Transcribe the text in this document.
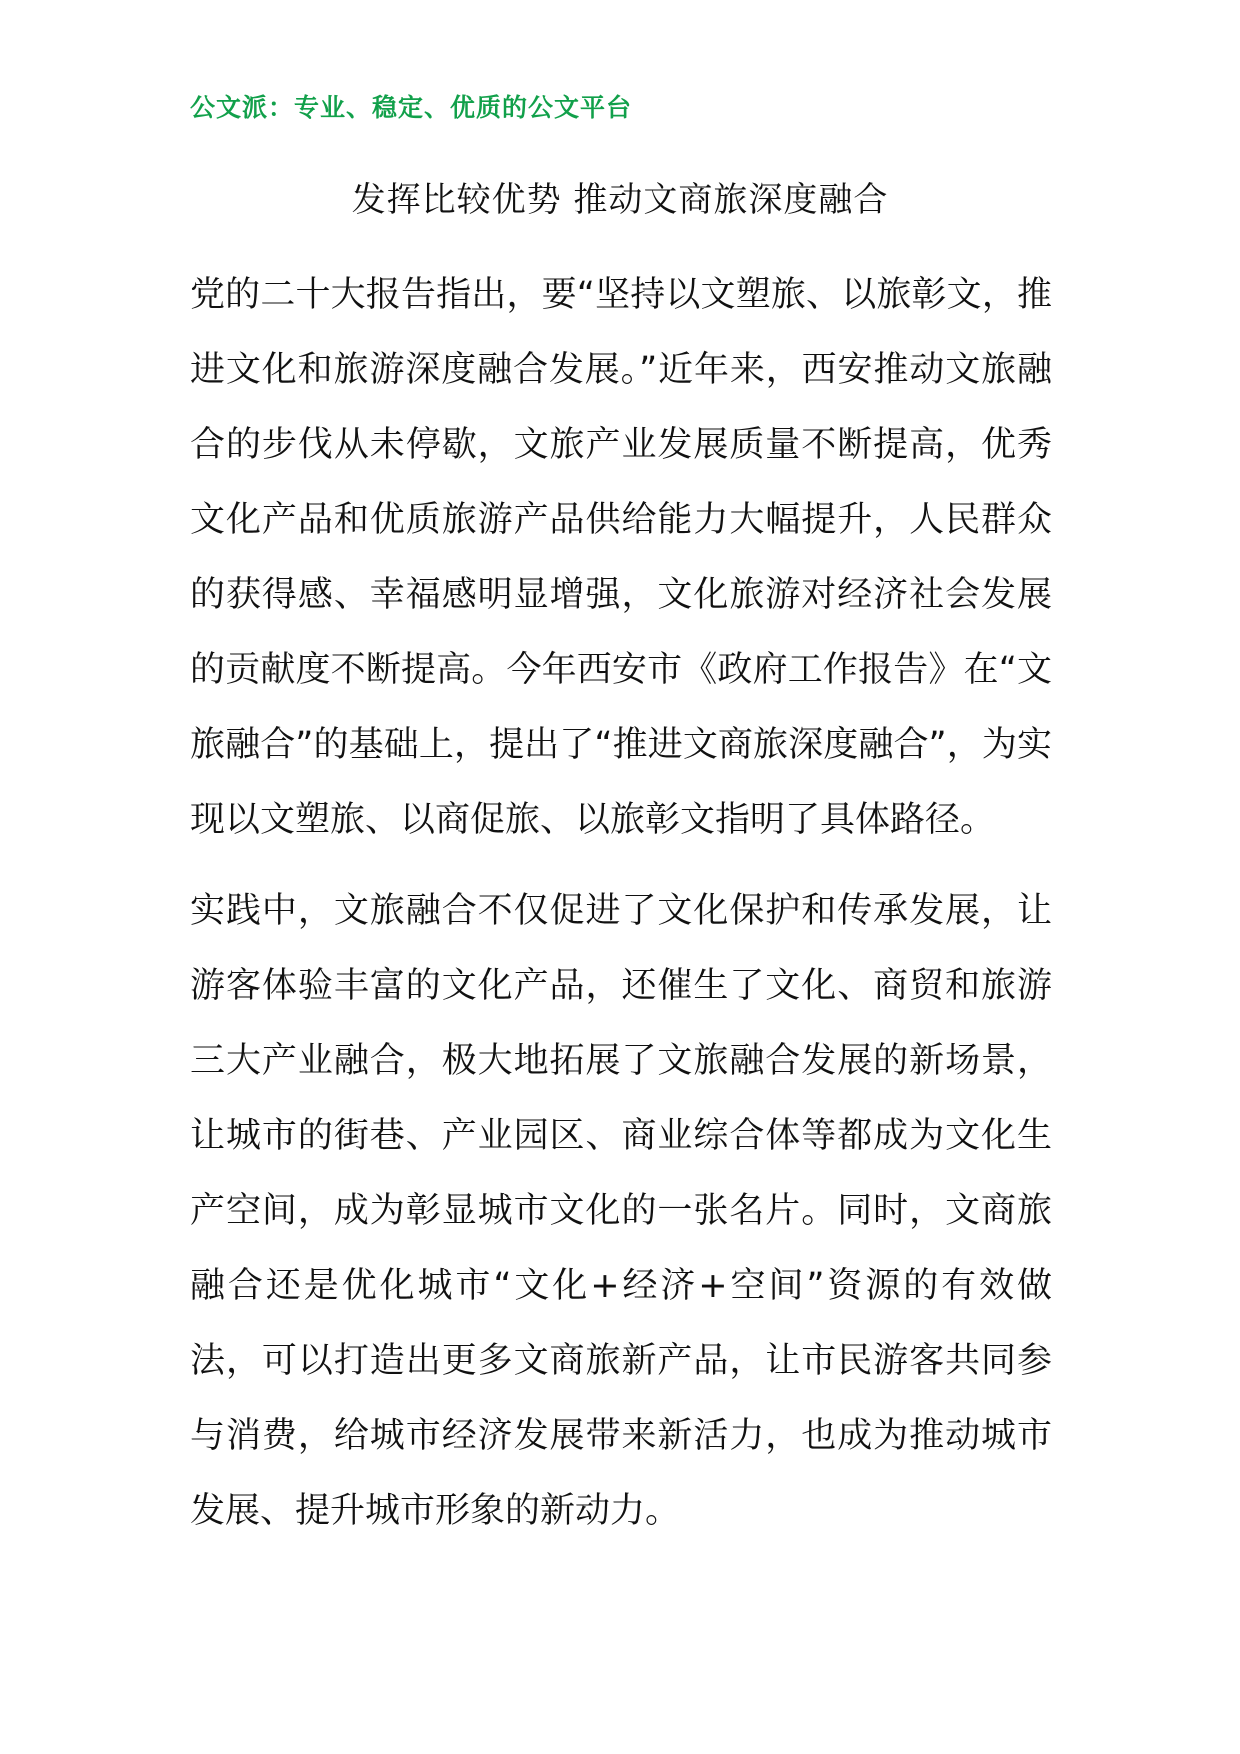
公文派：专业、稳定、优质的公文平台
发挥比较优势 推动文商旅深度融合

党的二十大报告指出，要“坚持以文塑旅、以旅彰文，推进文化和旅游深度融合发展。”近年来，西安推动文旅融合的步伐从未停歇，文旅产业发展质量不断提高，优秀文化产品和优质旅游产品供给能力大幅提升，人民群众的获得感、幸福感明显增强，文化旅游对经济社会发展的贡献度不断提高。今年西安市《政府工作报告》在“文旅融合”的基础上，提出了“推进文商旅深度融合”，为实现以文塑旅、以商促旅、以旅彰文指明了具体路径。

实践中，文旅融合不仅促进了文化保护和传承发展，让游客体验丰富的文化产品，还催生了文化、商贸和旅游三大产业融合，极大地拓展了文旅融合发展的新场景，让城市的街巷、产业园区、商业综合体等都成为文化生产空间，成为彰显城市文化的一张名片。同时，文商旅融合还是优化城市“文化+经济+空间”资源的有效做法，可以打造出更多文商旅新产品，让市民游客共同参与消费，给城市经济发展带来新活力，也成为推动城市发展、提升城市形象的新动力。
